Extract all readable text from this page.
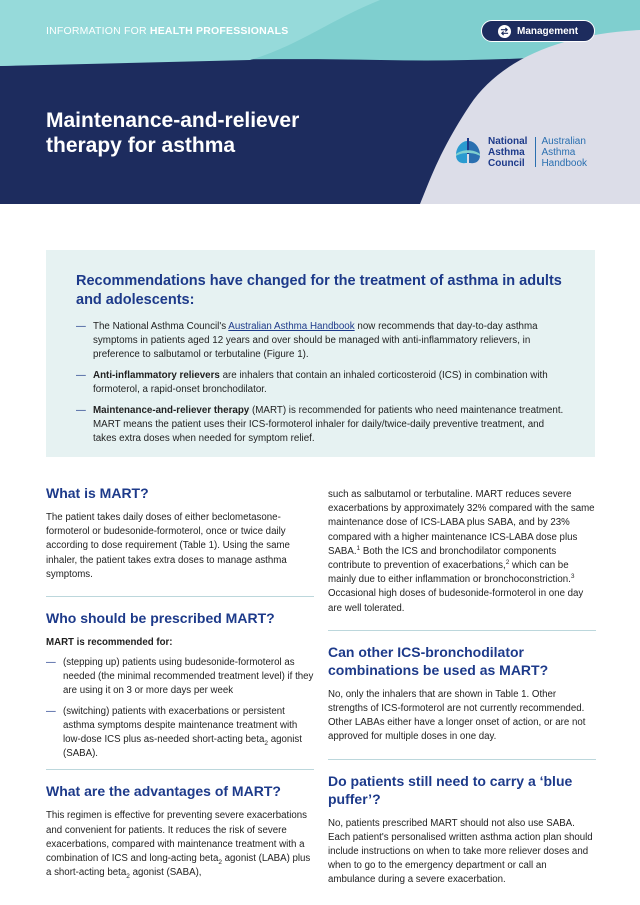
INFORMATION FOR HEALTH PROFESSIONALS	Management
Maintenance-and-reliever therapy for asthma	National
Asthma
Council
Australian
Asthma
Handbook
Recommendations have changed for the treatment of asthma in adults and adolescents:
— The National Asthma Council's Australian Asthma Handbook now recommends that day-to-day asthma symptoms in patients aged 12 years and over should be managed with anti-inflammatory relievers, in preference to salbutamol or terbutaline (Figure 1).
— Anti-inflammatory relievers are inhalers that contain an inhaled corticosteroid (ICS) in combination with formoterol, a rapid-onset bronchodilator.
— Maintenance-and-reliever therapy (MART) is recommended for patients who need maintenance treatment. MART means the patient uses their ICS-formoterol inhaler for daily/twice-daily preventive treatment, and takes extra doses when needed for symptom relief.
What is MART?

The patient takes daily doses of either beclometasone-formoterol or budesonide-formoterol, once or twice daily according to dose requirement (Table 1). Using the same inhaler, the patient takes extra doses to manage asthma symptoms.

Who should be prescribed MART?
MART is recommended for:
— (stepping up) patients using budesonide-formoterol as needed (the minimal recommended treatment level) if they are using it on 3 or more days per week
— (switching) patients with exacerbations or persistent asthma symptoms despite maintenance treatment with low-dose ICS plus as-needed short-acting beta$_2$ agonist (SABA).
What are the advantages of MART?

This regimen is effective for preventing severe exacerbations and convenient for patients. It reduces the risk of severe exacerbations, compared with maintenance treatment with a combination of ICS and long-acting beta$_2$ agonist (LABA) plus a short-acting beta$_2$ agonist (SABA),

such as salbutamol or terbutaline. MART reduces severe exacerbations by approximately 32% compared with the same maintenance dose of ICS-LABA plus SABA, and by 23% compared with a higher maintenance ICS-LABA dose plus SABA.$^1$ Both the ICS and bronchodilator components contribute to prevention of exacerbations,$^2$ which can be mainly due to either inflammation or bronchoconstriction.$^3$ Occasional high doses of budesonide-formoterol in one day are well tolerated.

Can other ICS-bronchodilator combinations be used as MART?

No, only the inhalers that are shown in Table 1. Other strengths of ICS-formoterol are not currently recommended. Other LABAs either have a longer onset of action, or are not approved for multiple doses in one day.

Do patients still need to carry a ‘blue puffer’?

No, patients prescribed MART should not also use SABA. Each patient's personalised written asthma action plan should include instructions on when to take more reliever doses and when to go to the emergency department or call an ambulance during a severe exacerbation.
